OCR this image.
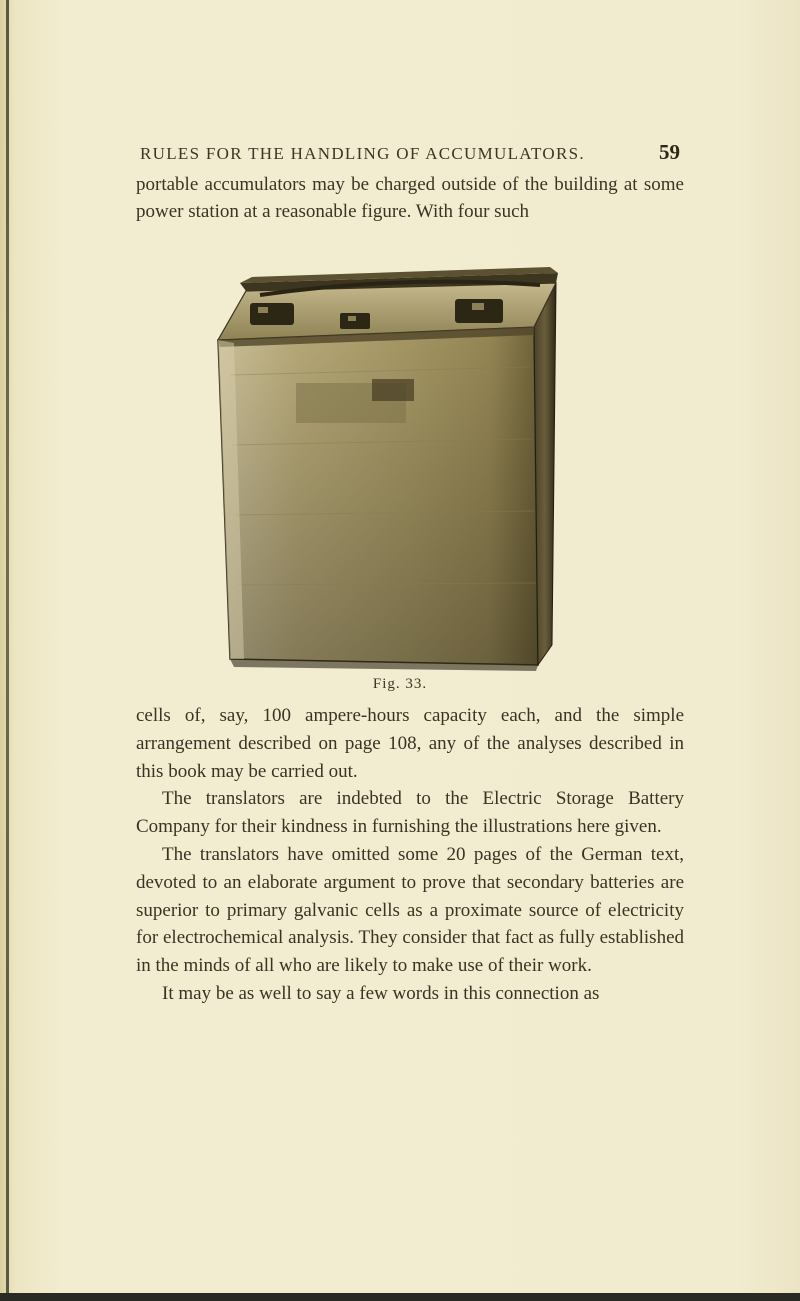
RULES FOR THE HANDLING OF ACCUMULATORS.	59

portable accumulators may be charged outside of the building at some power station at a reasonable figure. With four such

Fig. 33.

cells of, say, 100 ampere-hours capacity each, and the simple arrangement described on page 108, any of the analyses described in this book may be carried out.

The translators are indebted to the Electric Storage Battery Company for their kindness in furnishing the illustrations here given.

The translators have omitted some 20 pages of the German text, devoted to an elaborate argument to prove that secondary batteries are superior to primary galvanic cells as a proximate source of electricity for electrochemical analysis. They consider that fact as fully established in the minds of all who are likely to make use of their work.

It may be as well to say a few words in this connection as
